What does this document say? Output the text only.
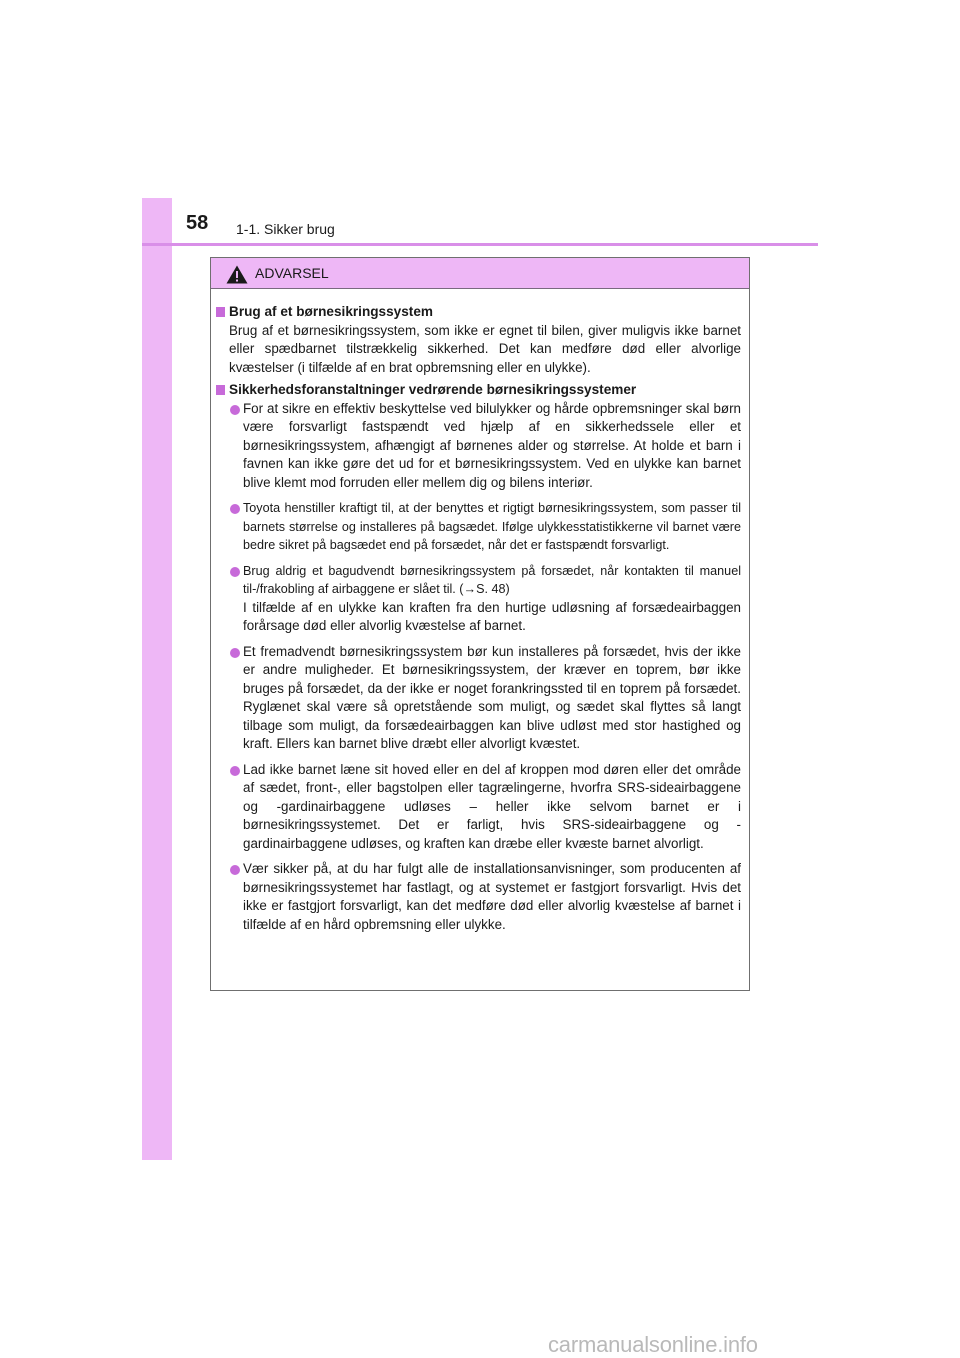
58 1-1. Sikker brug
ADVARSEL
Brug af et børnesikringssystem
Brug af et børnesikringssystem, som ikke er egnet til bilen, giver muligvis ikke barnet eller spædbarnet tilstrækkelig sikkerhed. Det kan medføre død eller alvorlige kvæstelser (i tilfælde af en brat opbremsning eller en ulykke).
Sikkerhedsforanstaltninger vedrørende børnesikringssystemer
For at sikre en effektiv beskyttelse ved bilulykker og hårde opbremsninger skal børn være forsvarligt fastspændt ved hjælp af en sikkerhedssele eller et børnesikringssystem, afhængigt af børnenes alder og størrelse. At holde et barn i favnen kan ikke gøre det ud for et børnesikringssystem. Ved en ulykke kan barnet blive klemt mod forruden eller mellem dig og bilens interiør.
Toyota henstiller kraftigt til, at der benyttes et rigtigt børnesikringssystem, som passer til barnets størrelse og installeres på bagsædet. Ifølge ulykkesstatistikkerne vil barnet være bedre sikret på bagsædet end på forsædet, når det er fastspændt forsvarligt.
Brug aldrig et bagudvendt børnesikringssystem på forsædet, når kontakten til manuel til-/frakobling af airbaggene er slået til. (→S. 48)
I tilfælde af en ulykke kan kraften fra den hurtige udløsning af forsædeairbaggen forårsage død eller alvorlig kvæstelse af barnet.
Et fremadvendt børnesikringssystem bør kun installeres på forsædet, hvis der ikke er andre muligheder. Et børnesikringssystem, der kræver en toprem, bør ikke bruges på forsædet, da der ikke er noget forankringssted til en toprem på forsædet. Ryglænet skal være så opretstående som muligt, og sædet skal flyttes så langt tilbage som muligt, da forsædeairbaggen kan blive udløst med stor hastighed og kraft. Ellers kan barnet blive dræbt eller alvorligt kvæstet.
Lad ikke barnet læne sit hoved eller en del af kroppen mod døren eller det område af sædet, front-, eller bagstolpen eller tagrælingerne, hvorfra SRS-sideairbaggene og -gardinairbaggene udløses – heller ikke selvom barnet er i børnesikringssystemet. Det er farligt, hvis SRS-sideairbaggene og -gardinairbaggene udløses, og kraften kan dræbe eller kvæste barnet alvorligt.
Vær sikker på, at du har fulgt alle de installationsanvisninger, som producenten af børnesikringssystemet har fastlagt, og at systemet er fastgjort forsvarligt. Hvis det ikke er fastgjort forsvarligt, kan det medføre død eller alvorlig kvæstelse af barnet i tilfælde af en hård opbremsning eller ulykke.
carmanualsonline.info
